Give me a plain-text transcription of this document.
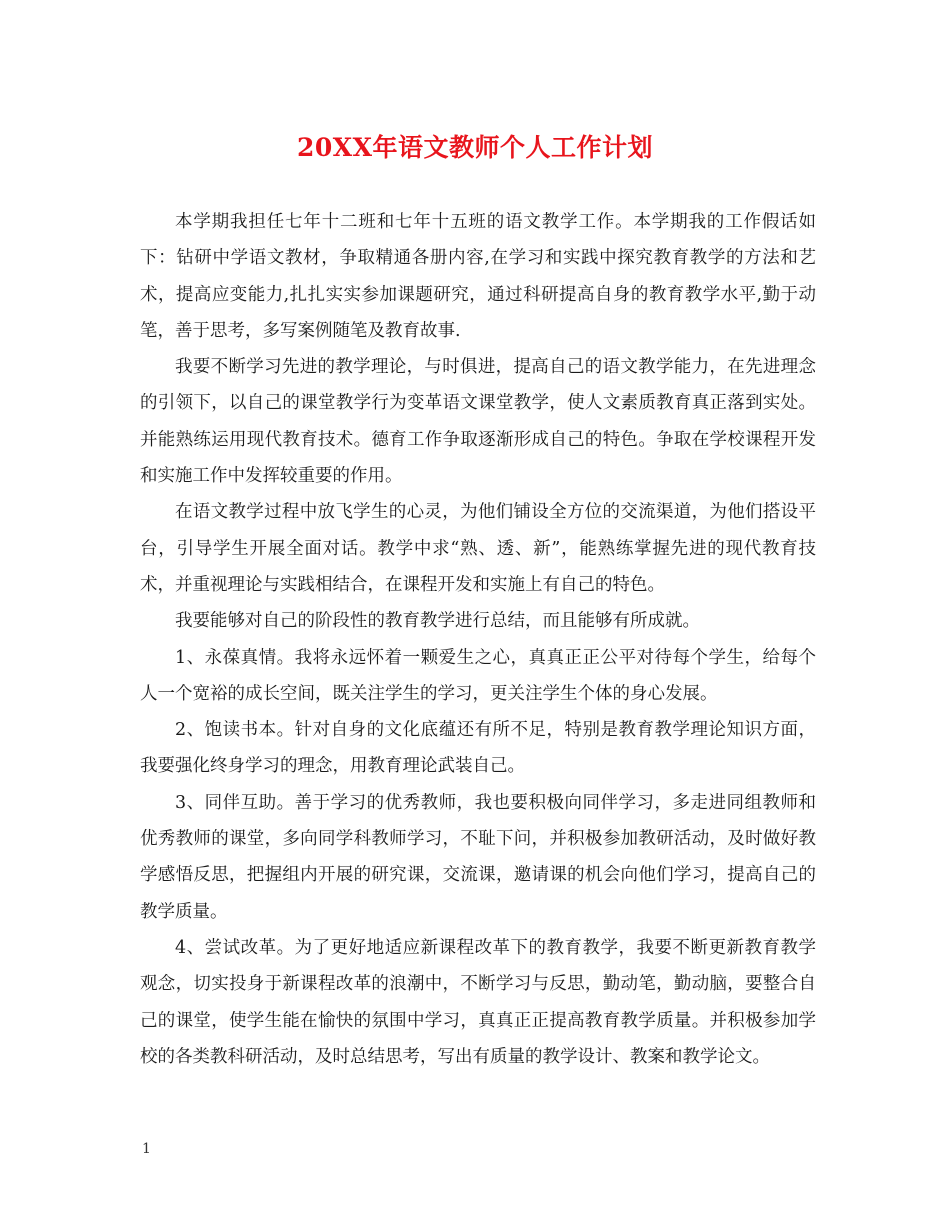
20XX年语文教师个人工作计划

本学期我担任七年十二班和七年十五班的语文教学工作。本学期我的工作假话如下：钻研中学语文教材，争取精通各册内容,在学习和实践中探究教育教学的方法和艺术，提高应变能力,扎扎实实参加课题研究，通过科研提高自身的教育教学水平,勤于动笔，善于思考，多写案例随笔及教育故事.

我要不断学习先进的教学理论，与时俱进，提高自己的语文教学能力，在先进理念的引领下，以自己的课堂教学行为变革语文课堂教学，使人文素质教育真正落到实处。并能熟练运用现代教育技术。德育工作争取逐渐形成自己的特色。争取在学校课程开发和实施工作中发挥较重要的作用。

在语文教学过程中放飞学生的心灵，为他们铺设全方位的交流渠道，为他们搭设平台，引导学生开展全面对话。教学中求“熟、透、新”，能熟练掌握先进的现代教育技术，并重视理论与实践相结合，在课程开发和实施上有自己的特色。

我要能够对自己的阶段性的教育教学进行总结，而且能够有所成就。

1、永葆真情。我将永远怀着一颗爱生之心，真真正正公平对待每个学生，给每个人一个宽裕的成长空间，既关注学生的学习，更关注学生个体的身心发展。

2、饱读书本。针对自身的文化底蕴还有所不足，特别是教育教学理论知识方面，我要强化终身学习的理念，用教育理论武装自己。

3、同伴互助。善于学习的优秀教师，我也要积极向同伴学习，多走进同组教师和优秀教师的课堂，多向同学科教师学习，不耻下问，并积极参加教研活动，及时做好教学感悟反思，把握组内开展的研究课，交流课，邀请课的机会向他们学习，提高自己的教学质量。

4、尝试改革。为了更好地适应新课程改革下的教育教学，我要不断更新教育教学观念，切实投身于新课程改革的浪潮中，不断学习与反思，勤动笔，勤动脑，要整合自己的课堂，使学生能在愉快的氛围中学习，真真正正提高教育教学质量。并积极参加学校的各类教科研活动，及时总结思考，写出有质量的教学设计、教案和教学论文。

1
